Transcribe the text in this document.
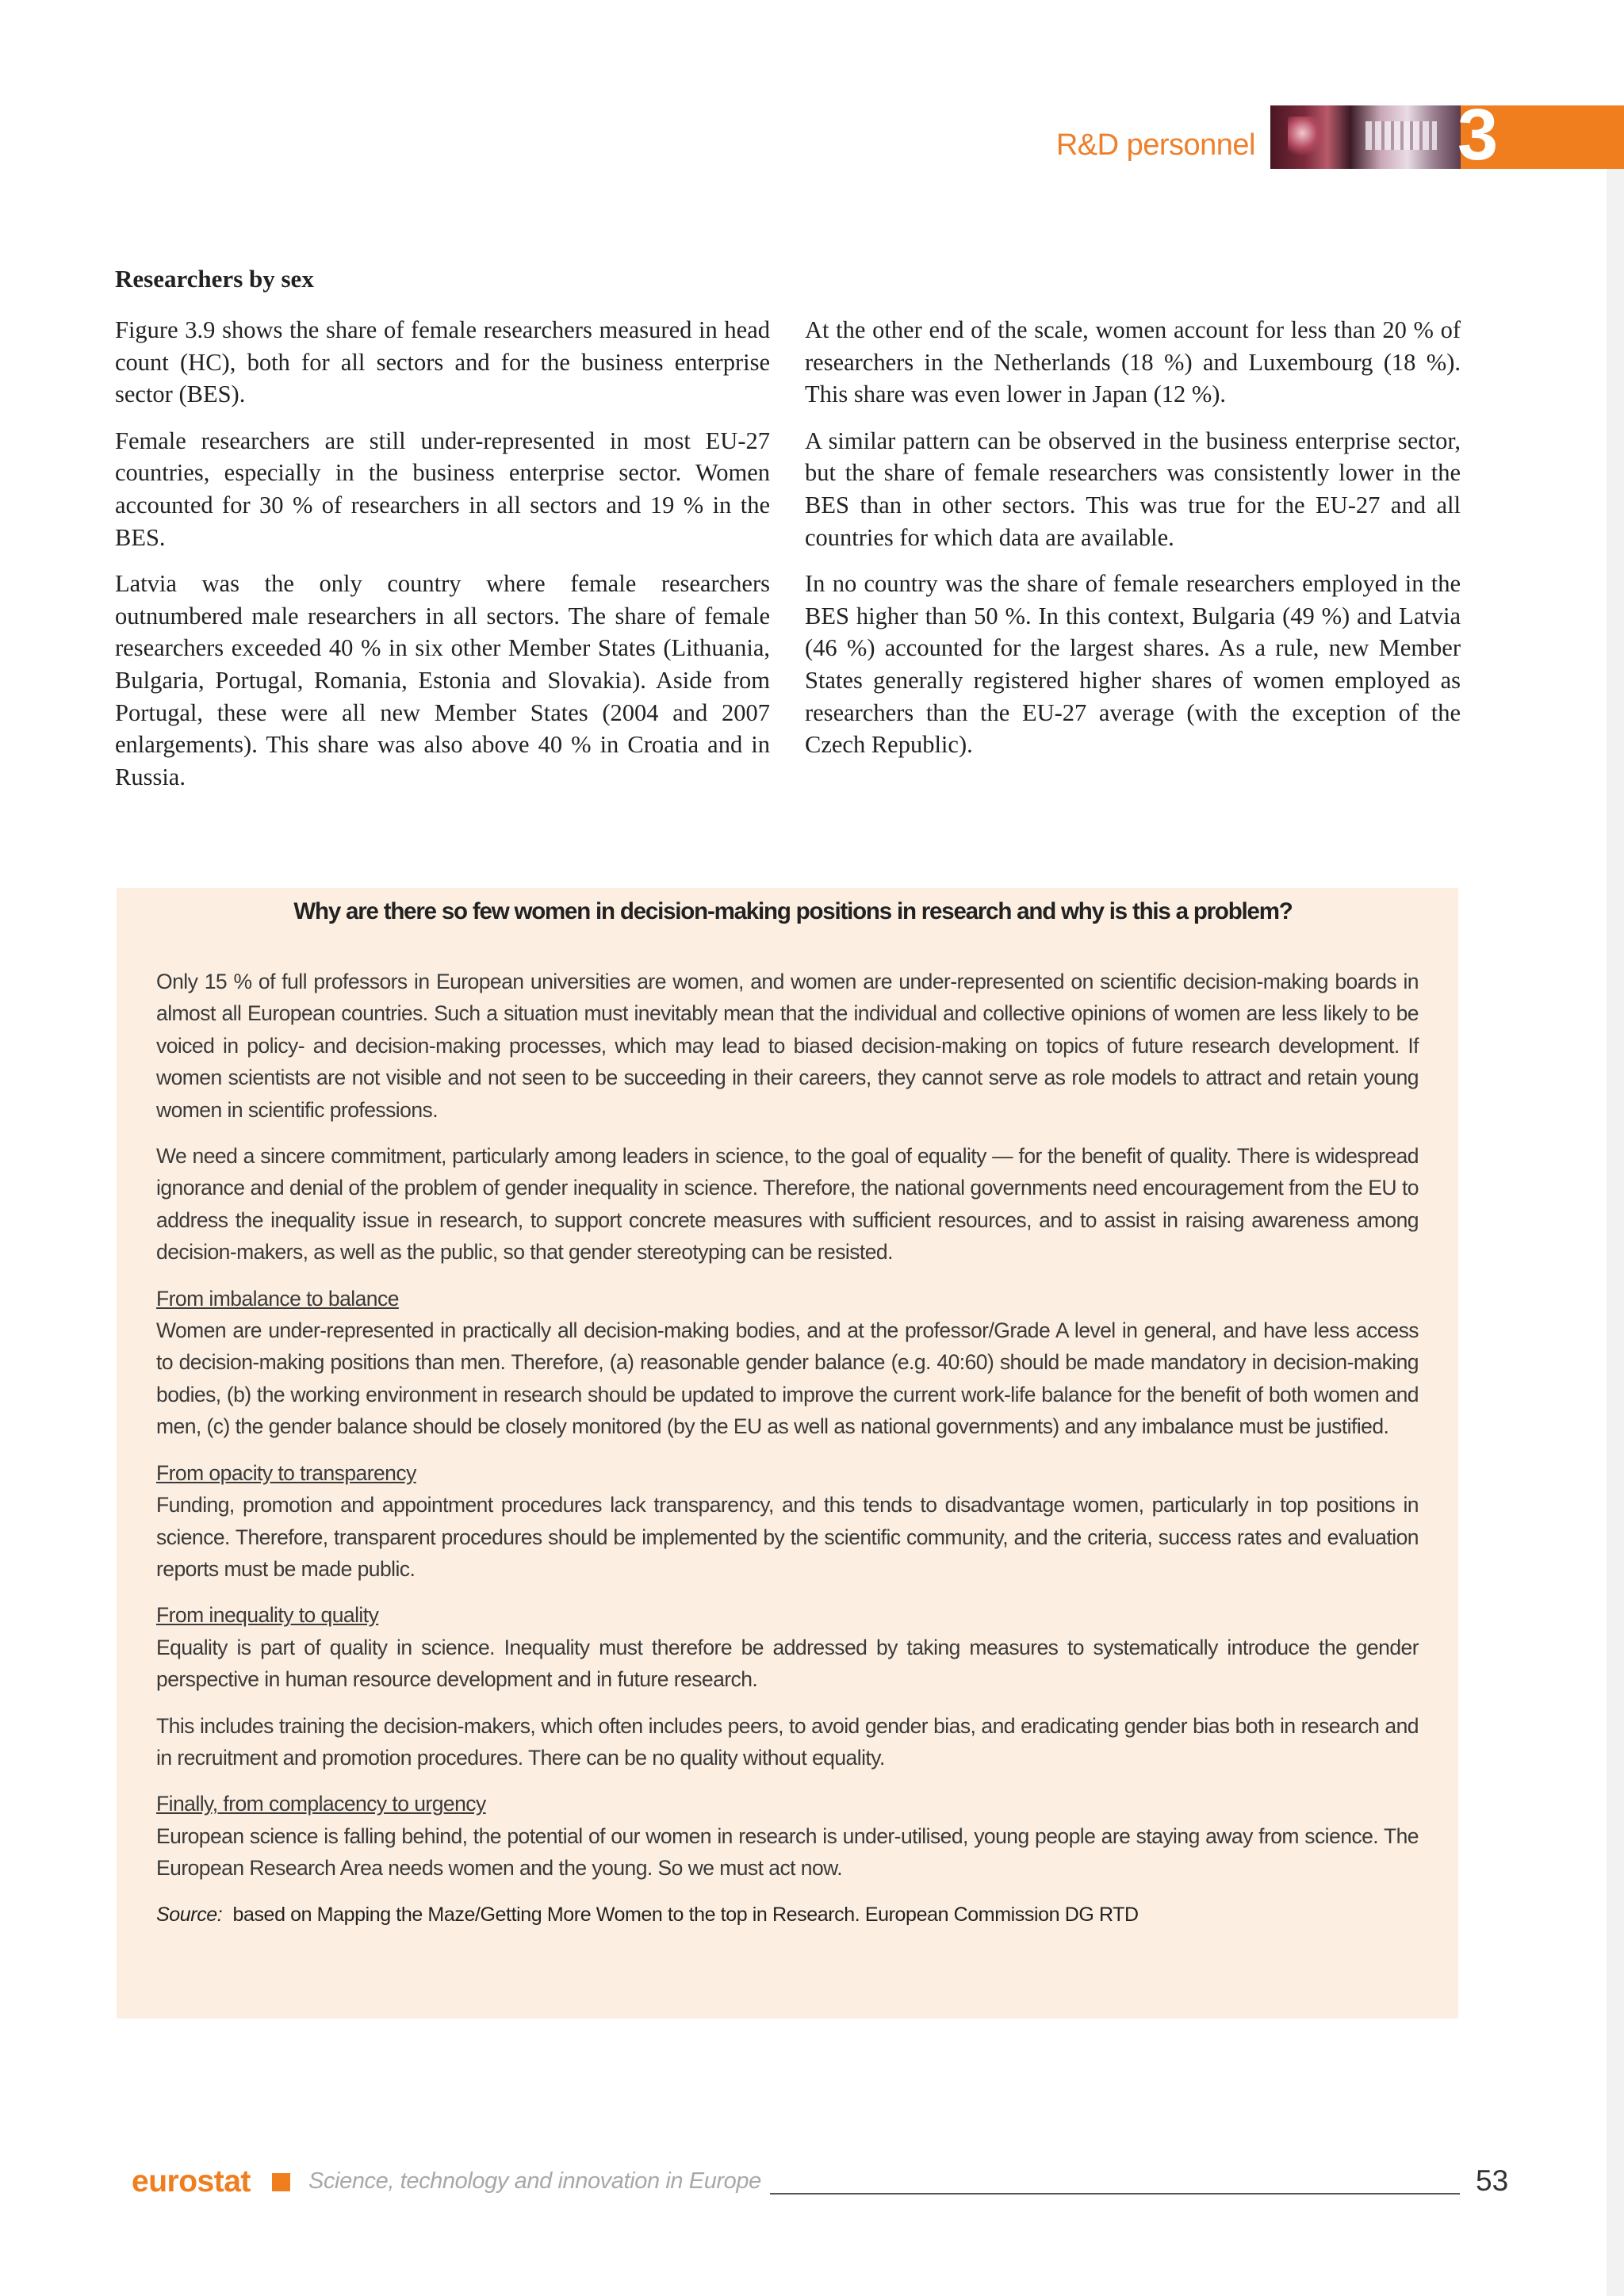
R&D personnel	3
Researchers by sex

Figure 3.9 shows the share of female researchers measured in head count (HC), both for all sectors and for the business enterprise sector (BES).

Female researchers are still under-represented in most EU-27 countries, especially in the business enterprise sector. Women accounted for 30 % of researchers in all sectors and 19 % in the BES.

Latvia was the only country where female researchers outnumbered male researchers in all sectors. The share of female researchers exceeded 40 % in six other Member States (Lithuania, Bulgaria, Portugal, Romania, Estonia and Slovakia). Aside from Portugal, these were all new Member States (2004 and 2007 enlargements). This share was also above 40 % in Croatia and in Russia.

At the other end of the scale, women account for less than 20 % of researchers in the Netherlands (18 %) and Luxembourg (18 %). This share was even lower in Japan (12 %).

A similar pattern can be observed in the business enterprise sector, but the share of female researchers was consistently lower in the BES than in other sectors. This was true for the EU-27 and all countries for which data are available.

In no country was the share of female researchers employed in the BES higher than 50 %. In this context, Bulgaria (49 %) and Latvia (46 %) accounted for the largest shares. As a rule, new Member States generally registered higher shares of women employed as researchers than the EU-27 average (with the exception of the Czech Republic).

Why are there so few women in decision-making positions in research and why is this a problem?

Only 15 % of full professors in European universities are women, and women are under-represented on scientific decision-making boards in almost all European countries. Such a situation must inevitably mean that the individual and collective opinions of women are less likely to be voiced in policy- and decision-making processes, which may lead to biased decision-making on topics of future research development. If women scientists are not visible and not seen to be succeeding in their careers, they cannot serve as role models to attract and retain young women in scientific professions.

We need a sincere commitment, particularly among leaders in science, to the goal of equality — for the benefit of quality. There is widespread ignorance and denial of the problem of gender inequality in science. Therefore, the national governments need encouragement from the EU to address the inequality issue in research, to support concrete measures with sufficient resources, and to assist in raising awareness among decision-makers, as well as the public, so that gender stereotyping can be resisted.

From imbalance to balance
Women are under-represented in practically all decision-making bodies, and at the professor/Grade A level in general, and have less access to decision-making positions than men. Therefore, (a) reasonable gender balance (e.g. 40:60) should be made mandatory in decision-making bodies, (b) the working environment in research should be updated to improve the current work-life balance for the benefit of both women and men, (c) the gender balance should be closely monitored (by the EU as well as national governments) and any imbalance must be justified.

From opacity to transparency
Funding, promotion and appointment procedures lack transparency, and this tends to disadvantage women, particularly in top positions in science. Therefore, transparent procedures should be implemented by the scientific community, and the criteria, success rates and evaluation reports must be made public.

From inequality to quality
Equality is part of quality in science. Inequality must therefore be addressed by taking measures to systematically introduce the gender perspective in human resource development and in future research.

This includes training the decision-makers, which often includes peers, to avoid gender bias, and eradicating gender bias both in research and in recruitment and promotion procedures. There can be no quality without equality.

Finally, from complacency to urgency
European science is falling behind, the potential of our women in research is under-utilised, young people are staying away from science. The European Research Area needs women and the young. So we must act now.

Source: based on Mapping the Maze/Getting More Women to the top in Research. European Commission DG RTD

eurostat	Science, technology and innovation in Europe	53
